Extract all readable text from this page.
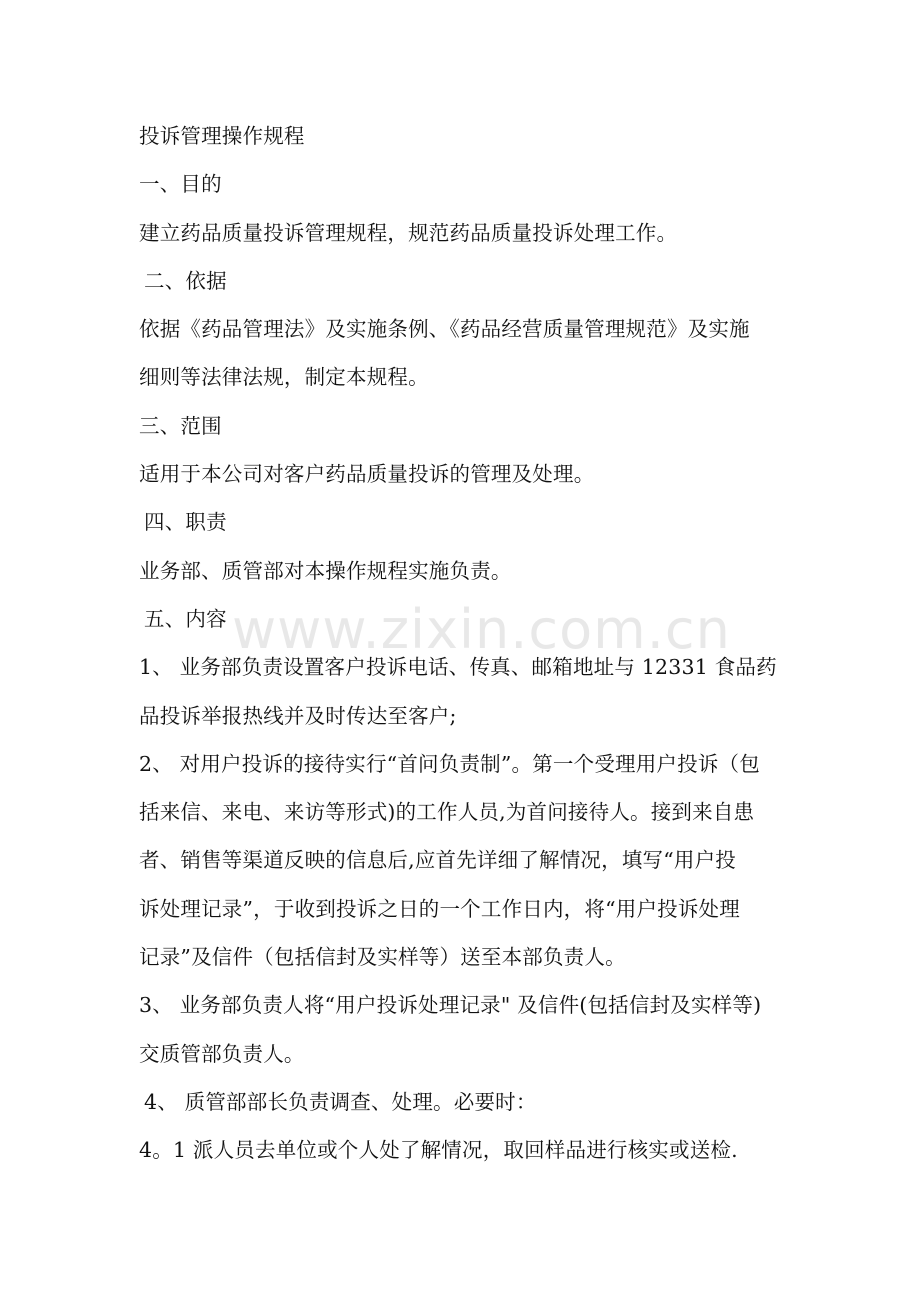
投诉管理操作规程
一、目的
建立药品质量投诉管理规程，规范药品质量投诉处理工作。
二、依据
依据《药品管理法》及实施条例、《药品经营质量管理规范》及实施
细则等法律法规，制定本规程。
三、范围
适用于本公司对客户药品质量投诉的管理及处理。
四、职责
业务部、质管部对本操作规程实施负责。
五、内容
1、 业务部负责设置客户投诉电话、传真、邮箱地址与 12331 食品药
品投诉举报热线并及时传达至客户;
2、 对用户投诉的接待实行“首问负责制”。第一个受理用户投诉（包
括来信、来电、来访等形式)的工作人员,为首问接待人。接到来自患
者、销售等渠道反映的信息后,应首先详细了解情况，填写“用户投
诉处理记录”，于收到投诉之日的一个工作日内，将“用户投诉处理
记录”及信件（包括信封及实样等）送至本部负责人。
3、 业务部负责人将“用户投诉处理记录" 及信件(包括信封及实样等)
交质管部负责人。
4、 质管部部长负责调查、处理。必要时：
4。1 派人员去单位或个人处了解情况，取回样品进行核实或送检.
www.zixin.com.cn
